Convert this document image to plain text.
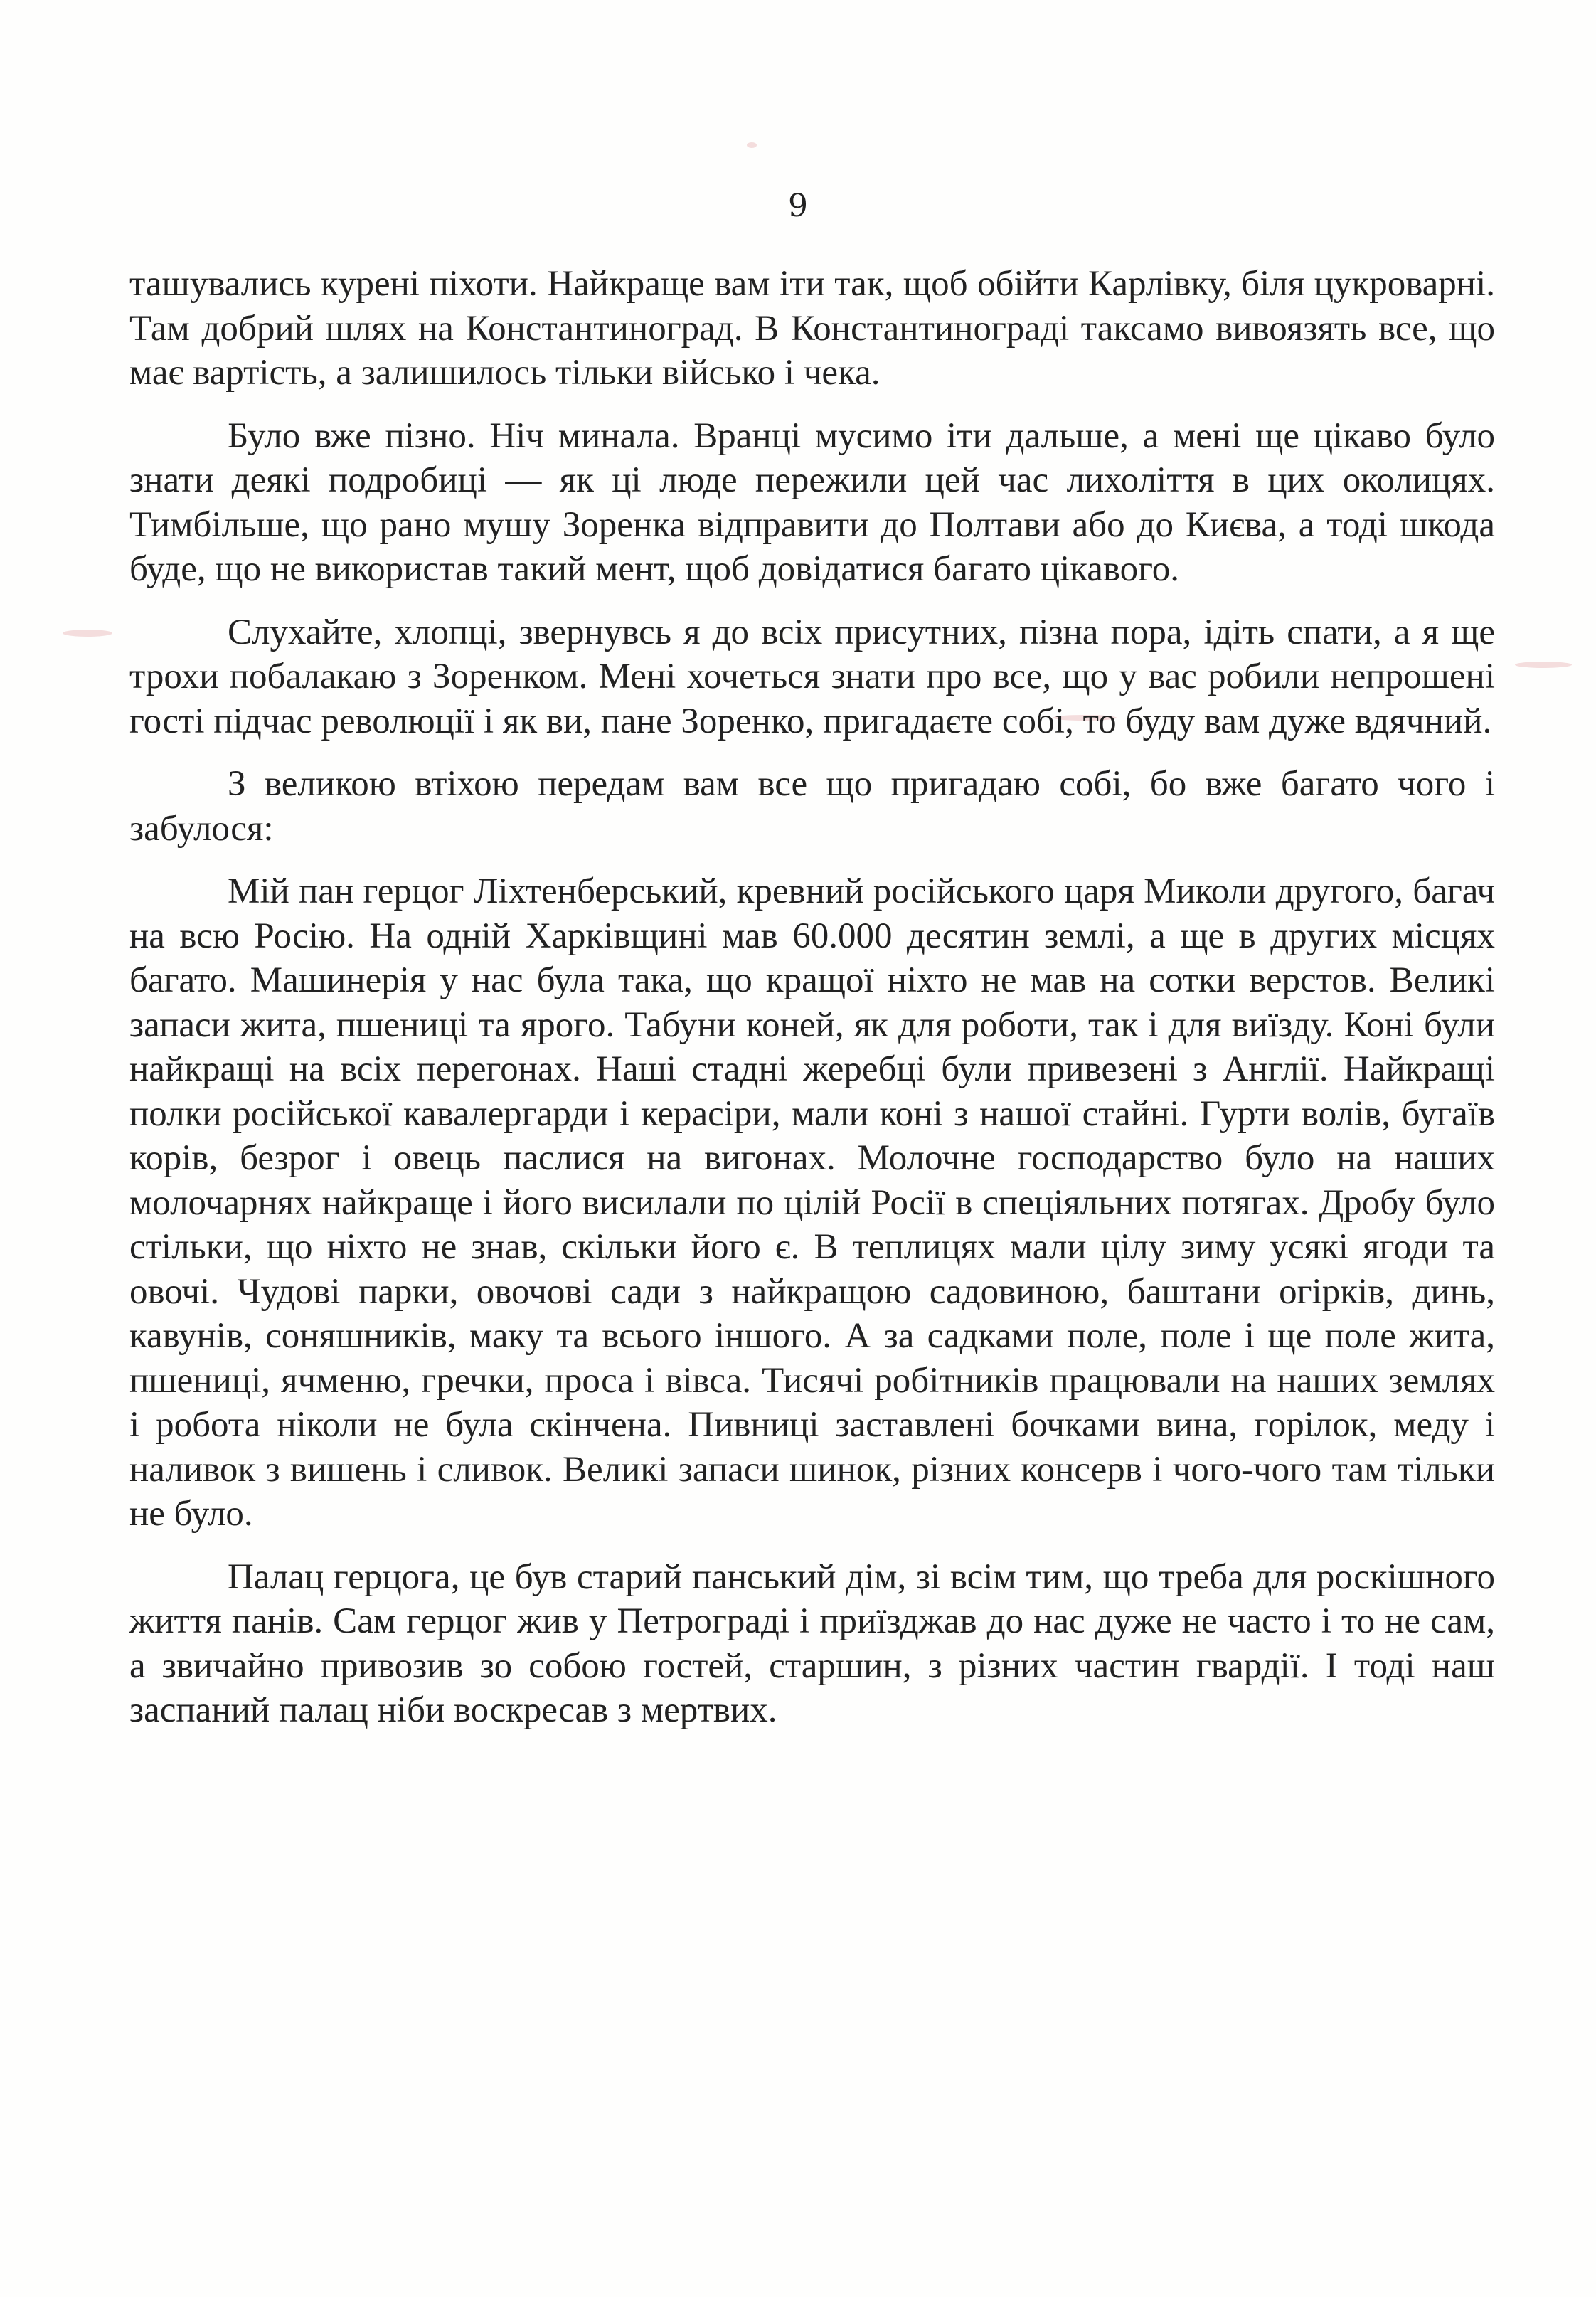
9

ташувались курені піхоти. Найкраще вам іти так, щоб обійти Карлівку, біля цукроварні. Там добрий шлях на Константиноград. В Константиноградi таксамо вивоязять все, що має вартість, а залишилось тільки військо і чека.

Було вже пізно. Ніч минала. Вранці мусимо іти дальше, а мені ще цікаво було знати деякі подробиці — як ці люде пережили цей час лихоліття в цих околицях. Тимбільше, що рано мушу Зоренка відправити до Полтави або до Києва, а тоді шкода буде, що не використав такий мент, щоб довідатися багато цікавого.

Слухайте, хлопці, звернувсь я до всіх присутних, пізна пора, ідіть спати, а я ще трохи побалакаю з Зоренком. Мені хочеться знати про все, що у вас робили непрошені гості підчас революції і як ви, пане Зоренко, пригадаєте собі, то буду вам дуже вдячний.

З великою втіхою передам вам все що пригадаю собі, бо вже багато чого і забулося:

Мій пан герцог Ліхтенберський, кревний російського царя Миколи другого, багач на всю Росію. На одній Харківщині мав 60.000 десятин землі, а ще в других місцях багато. Машинерія у нас була така, що кращої ніхто не мав на сотки верстов. Великі запаси жита, пшениці та ярого. Табуни коней, як для роботи, так і для виїзду. Коні були найкращі на всіх перегонах. Наші стадні жеребці були привезені з Англії. Найкращі полки російської кавалергарди і керасіри, мали коні з нашої стайні. Гурти волів, бугаїв корів, безрог і овець паслися на вигонах. Молочне господарство було на наших молочарнях найкраще і його висилали по цілій Росії в спеціяльних потягах. Дробу було стільки, що ніхто не знав, скільки його є. В теплицях мали цілу зиму усякі ягоди та овочі. Чудові парки, овочові сади з найкращою садовиною, баштани огірків, динь, кавунів, соняшників, маку та всього іншого. А за садками поле, поле і ще поле жита, пшениці, ячменю, гречки, проса і вівса. Тисячі робітників працювали на наших землях і робота ніколи не була скінчена. Пивниці заставлені бочками вина, горілок, меду і наливок з вишень і сливок. Великі запаси шинок, різних консерв і чого-чого там тільки не було.

Палац герцога, це був старий панський дім, зі всім тим, що треба для роскішного життя панів. Сам герцог жив у Петрограді і приїзджав до нас дуже не часто і то не сам, а звичайно привозив зо собою гостей, старшин, з різних частин гвардії. І тоді наш заспаний палац ніби воскресав з мертвих.
